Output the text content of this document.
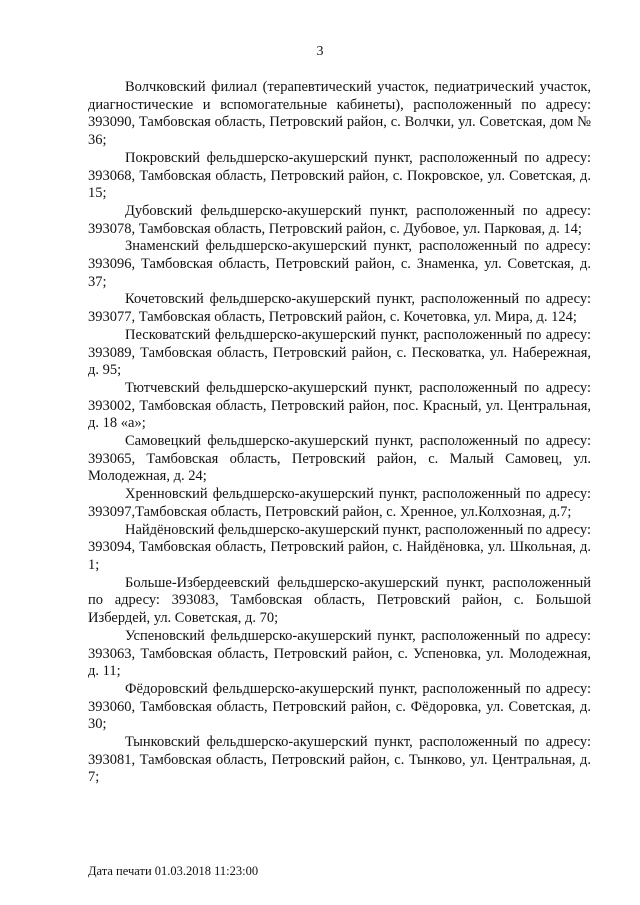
3

Волчковский филиал (терапевтический участок, педиатрический участок, диагностические и вспомогательные кабинеты), расположенный по адресу: 393090, Тамбовская область, Петровский район, с. Волчки, ул. Советская, дом № 36;

Покровский фельдшерско-акушерский пункт, расположенный по адресу: 393068, Тамбовская область, Петровский район, с. Покровское, ул. Советская, д. 15;

Дубовский фельдшерско-акушерский пункт, расположенный по адресу: 393078, Тамбовская область, Петровский район, с. Дубовое, ул. Парковая, д. 14;

Знаменский фельдшерско-акушерский пункт, расположенный по адресу: 393096, Тамбовская область, Петровский район, с. Знаменка, ул. Советская, д. 37;

Кочетовский фельдшерско-акушерский пункт, расположенный по адресу: 393077, Тамбовская область, Петровский район, с. Кочетовка, ул. Мира, д. 124;

Песковатский фельдшерско-акушерский пункт, расположенный по адресу: 393089, Тамбовская область, Петровский район, с. Песковатка, ул. Набережная, д. 95;

Тютчевский фельдшерско-акушерский пункт, расположенный по адресу: 393002, Тамбовская область, Петровский район, пос. Красный, ул. Центральная, д. 18 «а»;

Самовецкий фельдшерско-акушерский пункт, расположенный по адресу: 393065, Тамбовская область, Петровский район, с. Малый Самовец, ул. Молодежная, д. 24;

Хренновский фельдшерско-акушерский пункт, расположенный по адресу: 393097,Тамбовская область, Петровский район, с. Хренное, ул.Колхозная, д.7;

Найдёновский фельдшерско-акушерский пункт, расположенный по адресу: 393094, Тамбовская область, Петровский район, с. Найдёновка, ул. Школьная, д. 1;

Больше-Избердеевский фельдшерско-акушерский пункт, расположенный по адресу: 393083, Тамбовская область, Петровский район, с. Большой Избердей, ул. Советская, д. 70;

Успеновский фельдшерско-акушерский пункт, расположенный по адресу: 393063, Тамбовская область, Петровский район, с. Успеновка, ул. Молодежная, д. 11;

Фёдоровский фельдшерско-акушерский пункт, расположенный по адресу: 393060, Тамбовская область, Петровский район, с. Фёдоровка, ул. Советская, д. 30;

Тынковский фельдшерско-акушерский пункт, расположенный по адресу: 393081, Тамбовская область, Петровский район, с. Тынково, ул. Центральная, д. 7;

Дата печати 01.03.2018 11:23:00
